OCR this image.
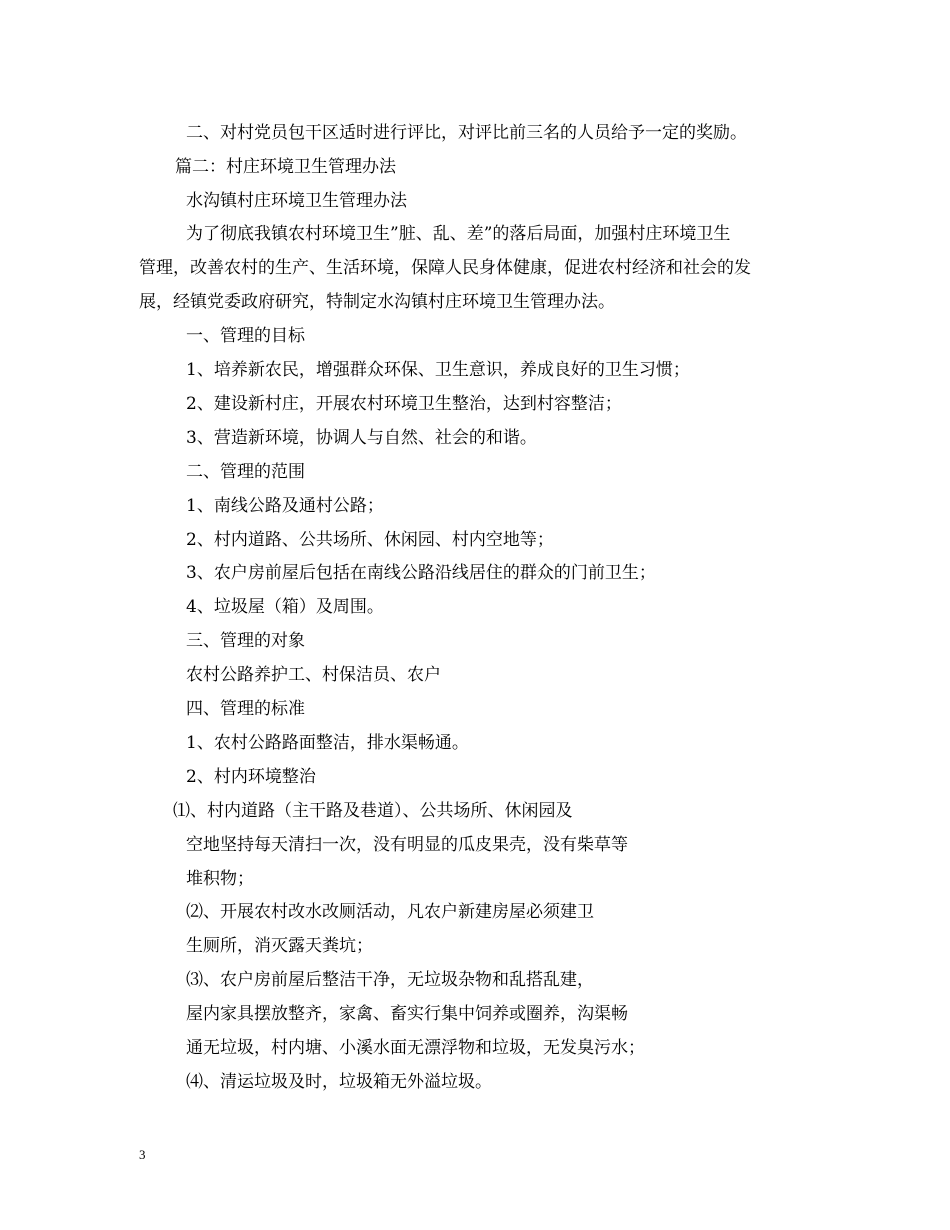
二、对村党员包干区适时进行评比，对评比前三名的人员给予一定的奖励。
篇二：村庄环境卫生管理办法
水沟镇村庄环境卫生管理办法
为了彻底我镇农村环境卫生”脏、乱、差”的落后局面，加强村庄环境卫生
管理，改善农村的生产、生活环境，保障人民身体健康，促进农村经济和社会的发
展，经镇党委政府研究，特制定水沟镇村庄环境卫生管理办法。
一、管理的目标
1、培养新农民，增强群众环保、卫生意识，养成良好的卫生习惯；
2、建设新村庄，开展农村环境卫生整治，达到村容整洁；
3、营造新环境，协调人与自然、社会的和谐。
二、管理的范围
1、南线公路及通村公路；
2、村内道路、公共场所、休闲园、村内空地等；
3、农户房前屋后包括在南线公路沿线居住的群众的门前卫生；
4、垃圾屋（箱）及周围。
三、管理的对象
农村公路养护工、村保洁员、农户
四、管理的标准
1、农村公路路面整洁，排水渠畅通。
2、村内环境整治
⑴、村内道路（主干路及巷道）、公共场所、休闲园及
空地坚持每天清扫一次，没有明显的瓜皮果壳，没有柴草等
堆积物；
⑵、开展农村改水改厕活动，凡农户新建房屋必须建卫
生厕所，消灭露天粪坑；
⑶、农户房前屋后整洁干净，无垃圾杂物和乱搭乱建，
屋内家具摆放整齐，家禽、畜实行集中饲养或圈养，沟渠畅
通无垃圾，村内塘、小溪水面无漂浮物和垃圾，无发臭污水；
⑷、清运垃圾及时，垃圾箱无外溢垃圾。
3
